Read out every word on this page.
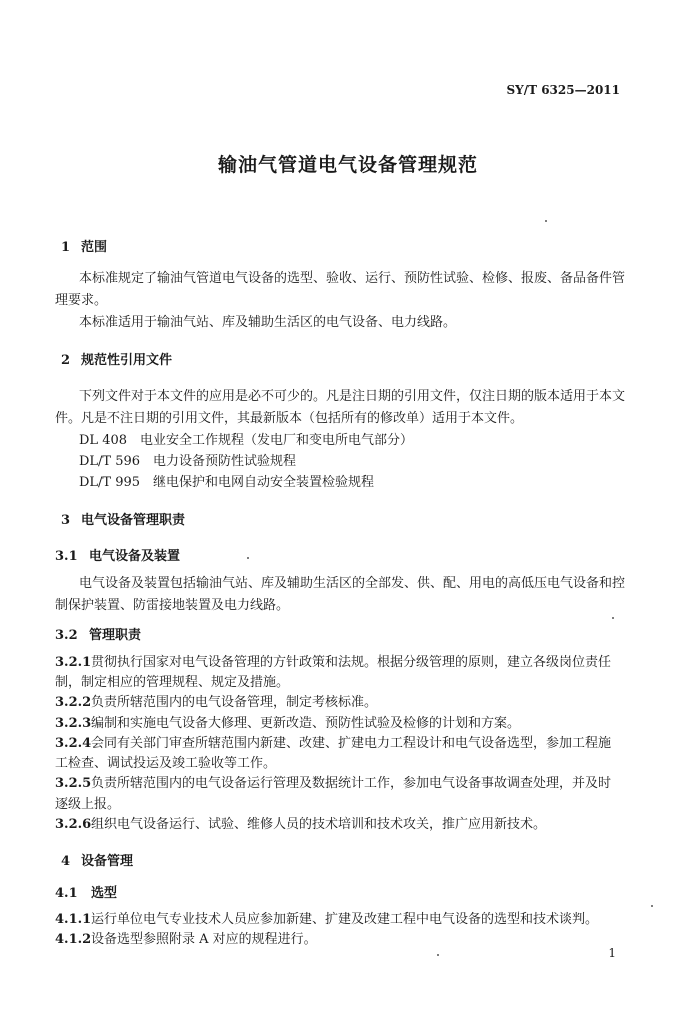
SY/T 6325—2011
输油气管道电气设备管理规范
1 范围
本标准规定了输油气管道电气设备的选型、验收、运行、预防性试验、检修、报废、备品备件管
理要求。
本标准适用于输油气站、库及辅助生活区的电气设备、电力线路。
2 规范性引用文件
下列文件对于本文件的应用是必不可少的。凡是注日期的引用文件，仅注日期的版本适用于本文
件。凡是不注日期的引用文件，其最新版本（包括所有的修改单）适用于本文件。
DL 408　电业安全工作规程（发电厂和变电所电气部分）
DL/T 596　电力设备预防性试验规程
DL/T 995　继电保护和电网自动安全装置检验规程
3 电气设备管理职责
3.1 电气设备及装置
电气设备及装置包括输油气站、库及辅助生活区的全部发、供、配、用电的高低压电气设备和控
制保护装置、防雷接地装置及电力线路。
3.2 管理职责
3.2.1贯彻执行国家对电气设备管理的方针政策和法规。根据分级管理的原则，建立各级岗位责任
制，制定相应的管理规程、规定及措施。
3.2.2负责所辖范围内的电气设备管理，制定考核标准。
3.2.3编制和实施电气设备大修理、更新改造、预防性试验及检修的计划和方案。
3.2.4会同有关部门审查所辖范围内新建、改建、扩建电力工程设计和电气设备选型，参加工程施
工检查、调试投运及竣工验收等工作。
3.2.5负责所辖范围内的电气设备运行管理及数据统计工作，参加电气设备事故调查处理，并及时
逐级上报。
3.2.6组织电气设备运行、试验、维修人员的技术培训和技术攻关，推广应用新技术。
4 设备管理
4.1 选型
4.1.1运行单位电气专业技术人员应参加新建、扩建及改建工程中电气设备的选型和技术谈判。
4.1.2设备选型参照附录 A 对应的规程进行。
1
